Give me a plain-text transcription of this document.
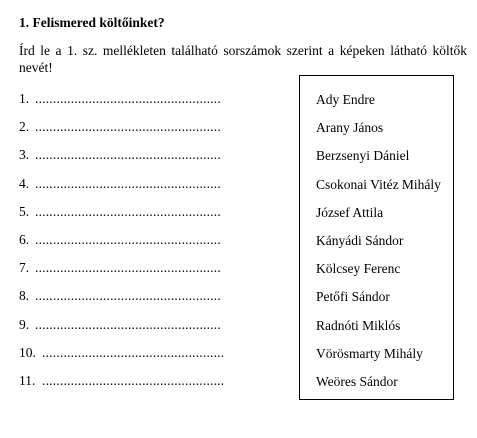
1. Felismered költőinket?

Írd le a 1. sz. mellékleten található sorszámok szerint a képeken látható költők nevét!

1. ....................................................
2. ....................................................
3. ....................................................
4. ....................................................
5. ....................................................
6. ....................................................
7. ....................................................
8. ....................................................
9. ....................................................
10. ...................................................
11. ...................................................
Ady Endre
Arany János
Berzsenyi Dániel
Csokonai Vitéz Mihály
József Attila
Kányádi Sándor
Kölcsey Ferenc
Petőfi Sándor
Radnóti Miklós
Vörösmarty Mihály
Weöres Sándor
